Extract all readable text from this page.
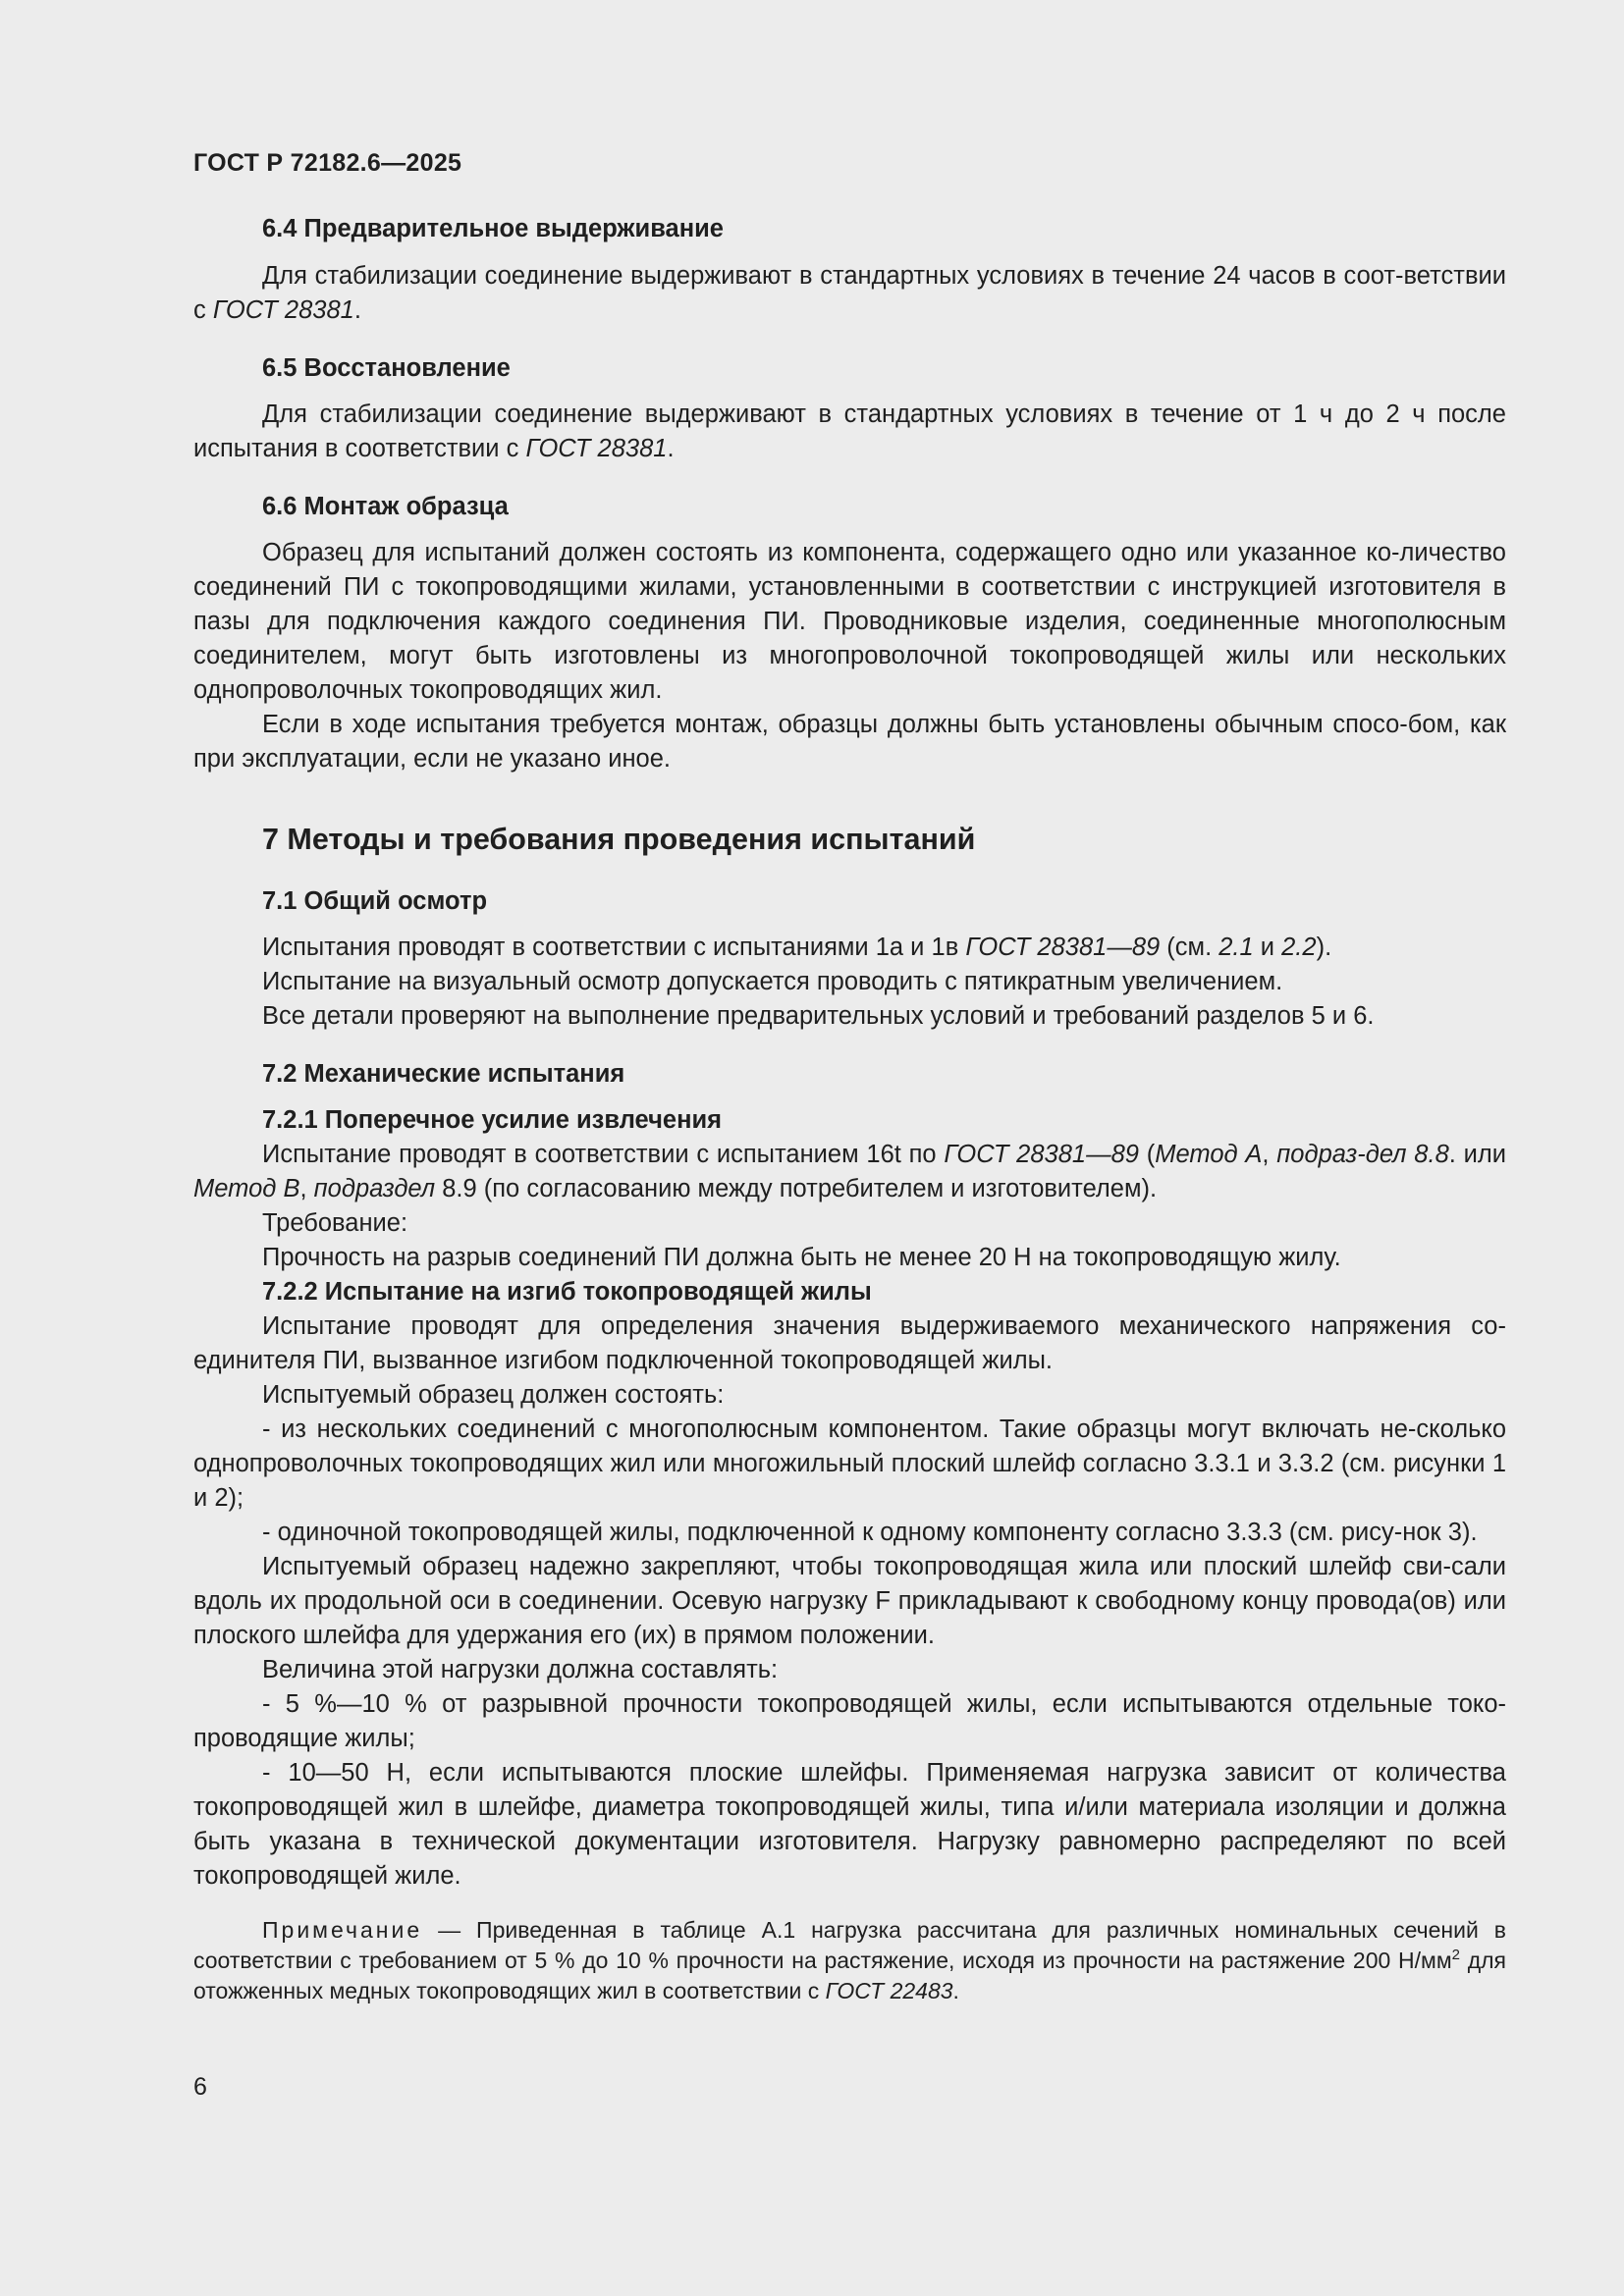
ГОСТ Р 72182.6—2025
6.4 Предварительное выдерживание

Для стабилизации соединение выдерживают в стандартных условиях в течение 24 часов в соот-ветствии с ГОСТ 28381.

6.5 Восстановление

Для стабилизации соединение выдерживают в стандартных условиях в течение от 1 ч до 2 ч после испытания в соответствии с ГОСТ 28381.

6.6 Монтаж образца

Образец для испытаний должен состоять из компонента, содержащего одно или указанное ко-личество соединений ПИ с токопроводящими жилами, установленными в соответствии с инструкцией изготовителя в пазы для подключения каждого соединения ПИ. Проводниковые изделия, соединенные многополюсным соединителем, могут быть изготовлены из многопроволочной токопроводящей жилы или нескольких однопроволочных токопроводящих жил.

Если в ходе испытания требуется монтаж, образцы должны быть установлены обычным спосо-бом, как при эксплуатации, если не указано иное.

7 Методы и требования проведения испытаний
7.1 Общий осмотр

Испытания проводят в соответствии с испытаниями 1а и 1в ГОСТ 28381—89 (см. 2.1 и 2.2).

Испытание на визуальный осмотр допускается проводить с пятикратным увеличением.

Все детали проверяют на выполнение предварительных условий и требований разделов 5 и 6.

7.2 Механические испытания
7.2.1 Поперечное усилие извлечения

Испытание проводят в соответствии с испытанием 16t по ГОСТ 28381—89 (Метод А, подраз-дел 8.8. или Метод В, подраздел 8.9 (по согласованию между потребителем и изготовителем).

Требование:

Прочность на разрыв соединений ПИ должна быть не менее 20 Н на токопроводящую жилу.

7.2.2 Испытание на изгиб токопроводящей жилы

Испытание проводят для определения значения выдерживаемого механического напряжения со-единителя ПИ, вызванное изгибом подключенной токопроводящей жилы.

Испытуемый образец должен состоять:

- из нескольких соединений с многополюсным компонентом. Такие образцы могут включать не-сколько однопроволочных токопроводящих жил или многожильный плоский шлейф согласно 3.3.1 и 3.3.2 (см. рисунки 1 и 2);

- одиночной токопроводящей жилы, подключенной к одному компоненту согласно 3.3.3 (см. рису-нок 3).

Испытуемый образец надежно закрепляют, чтобы токопроводящая жила или плоский шлейф сви-сали вдоль их продольной оси в соединении. Осевую нагрузку F прикладывают к свободному концу провода(ов) или плоского шлейфа для удержания его (их) в прямом положении.

Величина этой нагрузки должна составлять:

- 5 %—10 % от разрывной прочности токопроводящей жилы, если испытываются отдельные токо-проводящие жилы;

- 10—50 Н, если испытываются плоские шлейфы. Применяемая нагрузка зависит от количества токопроводящей жил в шлейфе, диаметра токопроводящей жилы, типа и/или материала изоляции и должна быть указана в технической документации изготовителя. Нагрузку равномерно распределяют по всей токопроводящей жиле.

Примечание — Приведенная в таблице А.1 нагрузка рассчитана для различных номинальных сечений в соответствии с требованием от 5 % до 10 % прочности на растяжение, исходя из прочности на растяжение 200 $Н/мм^2$ для отожженных медных токопроводящих жил в соответствии с ГОСТ 22483.
6
